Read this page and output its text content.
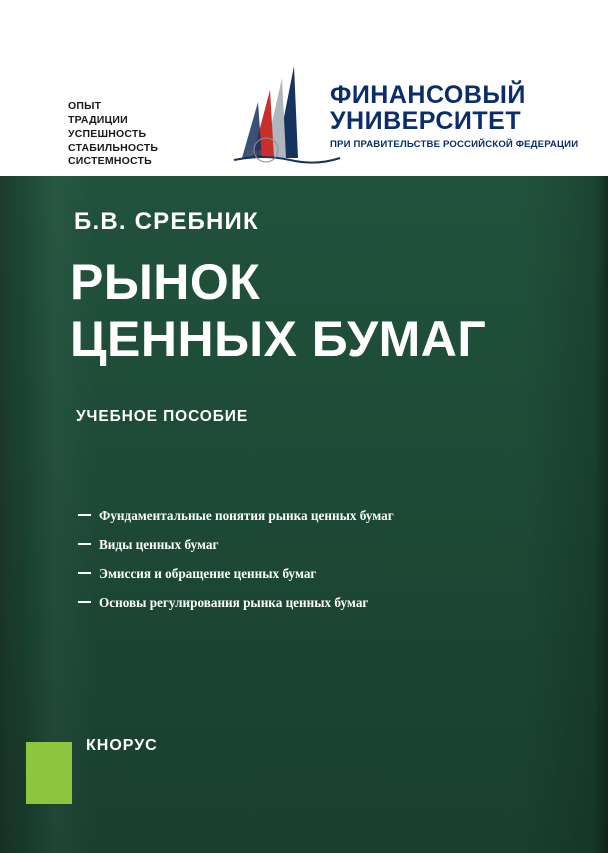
ОПЫТ
ТРАДИЦИИ
УСПЕШНОСТЬ
СТАБИЛЬНОСТЬ
СИСТЕМНОСТЬ
1919
ФИНАНСОВЫЙ
УНИВЕРСИТЕТ
ПРИ ПРАВИТЕЛЬСТВЕ РОССИЙСКОЙ ФЕДЕРАЦИИ
Б.В. СРЕБНИК
РЫНОК
ЦЕННЫХ БУМАГ
УЧЕБНОЕ ПОСОБИЕ
Фундаментальные понятия рынка ценных бумаг
Виды ценных бумаг
Эмиссия и обращение ценных бумаг
Основы регулирования рынка ценных бумаг
КНОРУС
